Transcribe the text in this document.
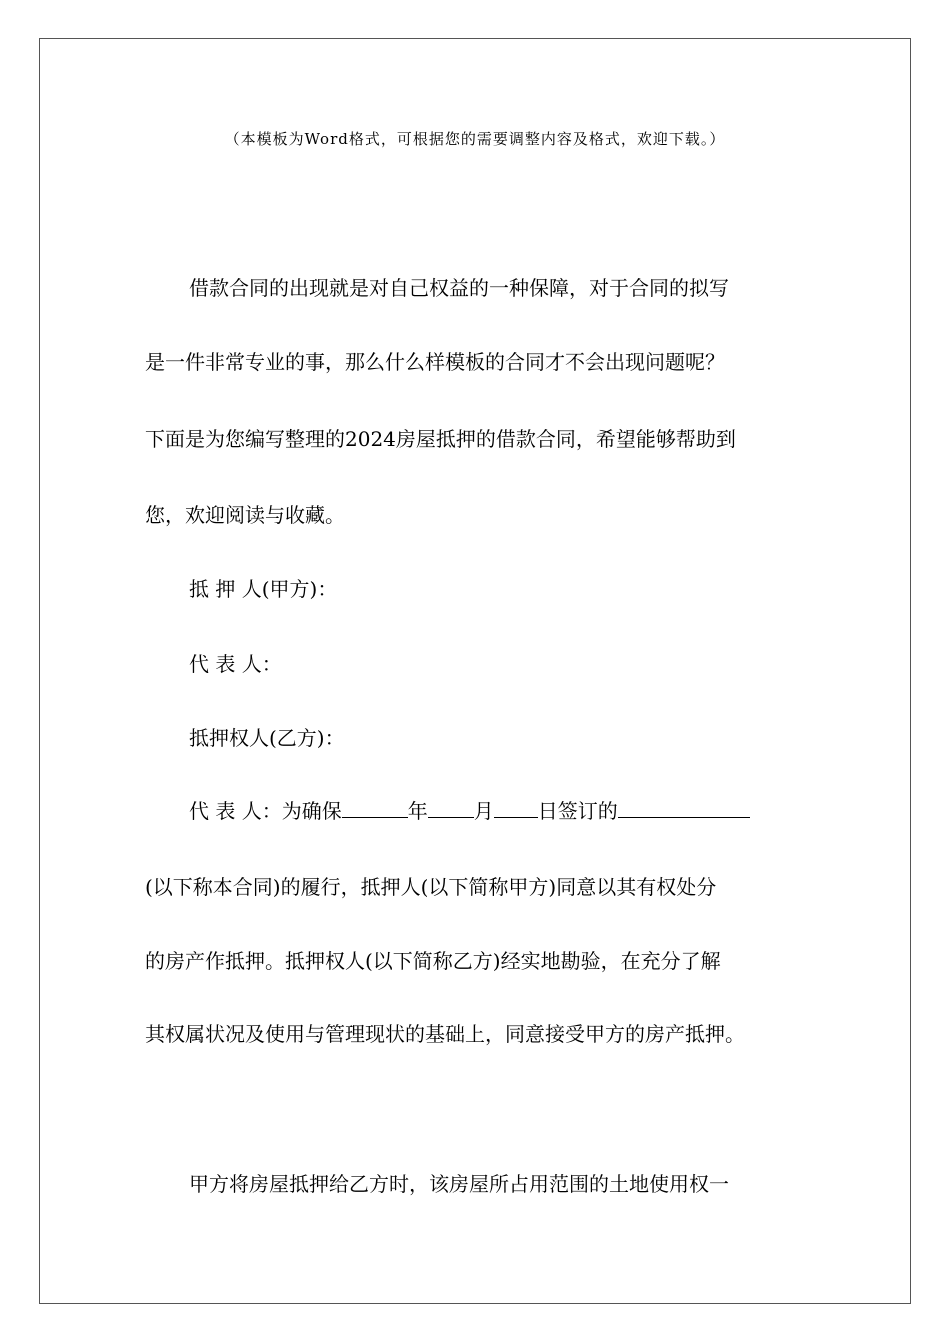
（本模板为Word格式，可根据您的需要调整内容及格式，欢迎下载。）
借款合同的出现就是对自己权益的一种保障，对于合同的拟写
是一件非常专业的事，那么什么样模板的合同才不会出现问题呢？
下面是为您编写整理的2024房屋抵押的借款合同，希望能够帮助到
您，欢迎阅读与收藏。
抵 押 人(甲方)：
代 表 人：
抵押权人(乙方)：
代 表 人：为确保	年 月 日签订的
(以下称本合同)的履行，抵押人(以下简称甲方)同意以其有权处分
的房产作抵押。抵押权人(以下简称乙方)经实地勘验，在充分了解
其权属状况及使用与管理现状的基础上，同意接受甲方的房产抵押。
甲方将房屋抵押给乙方时，该房屋所占用范围的土地使用权一
